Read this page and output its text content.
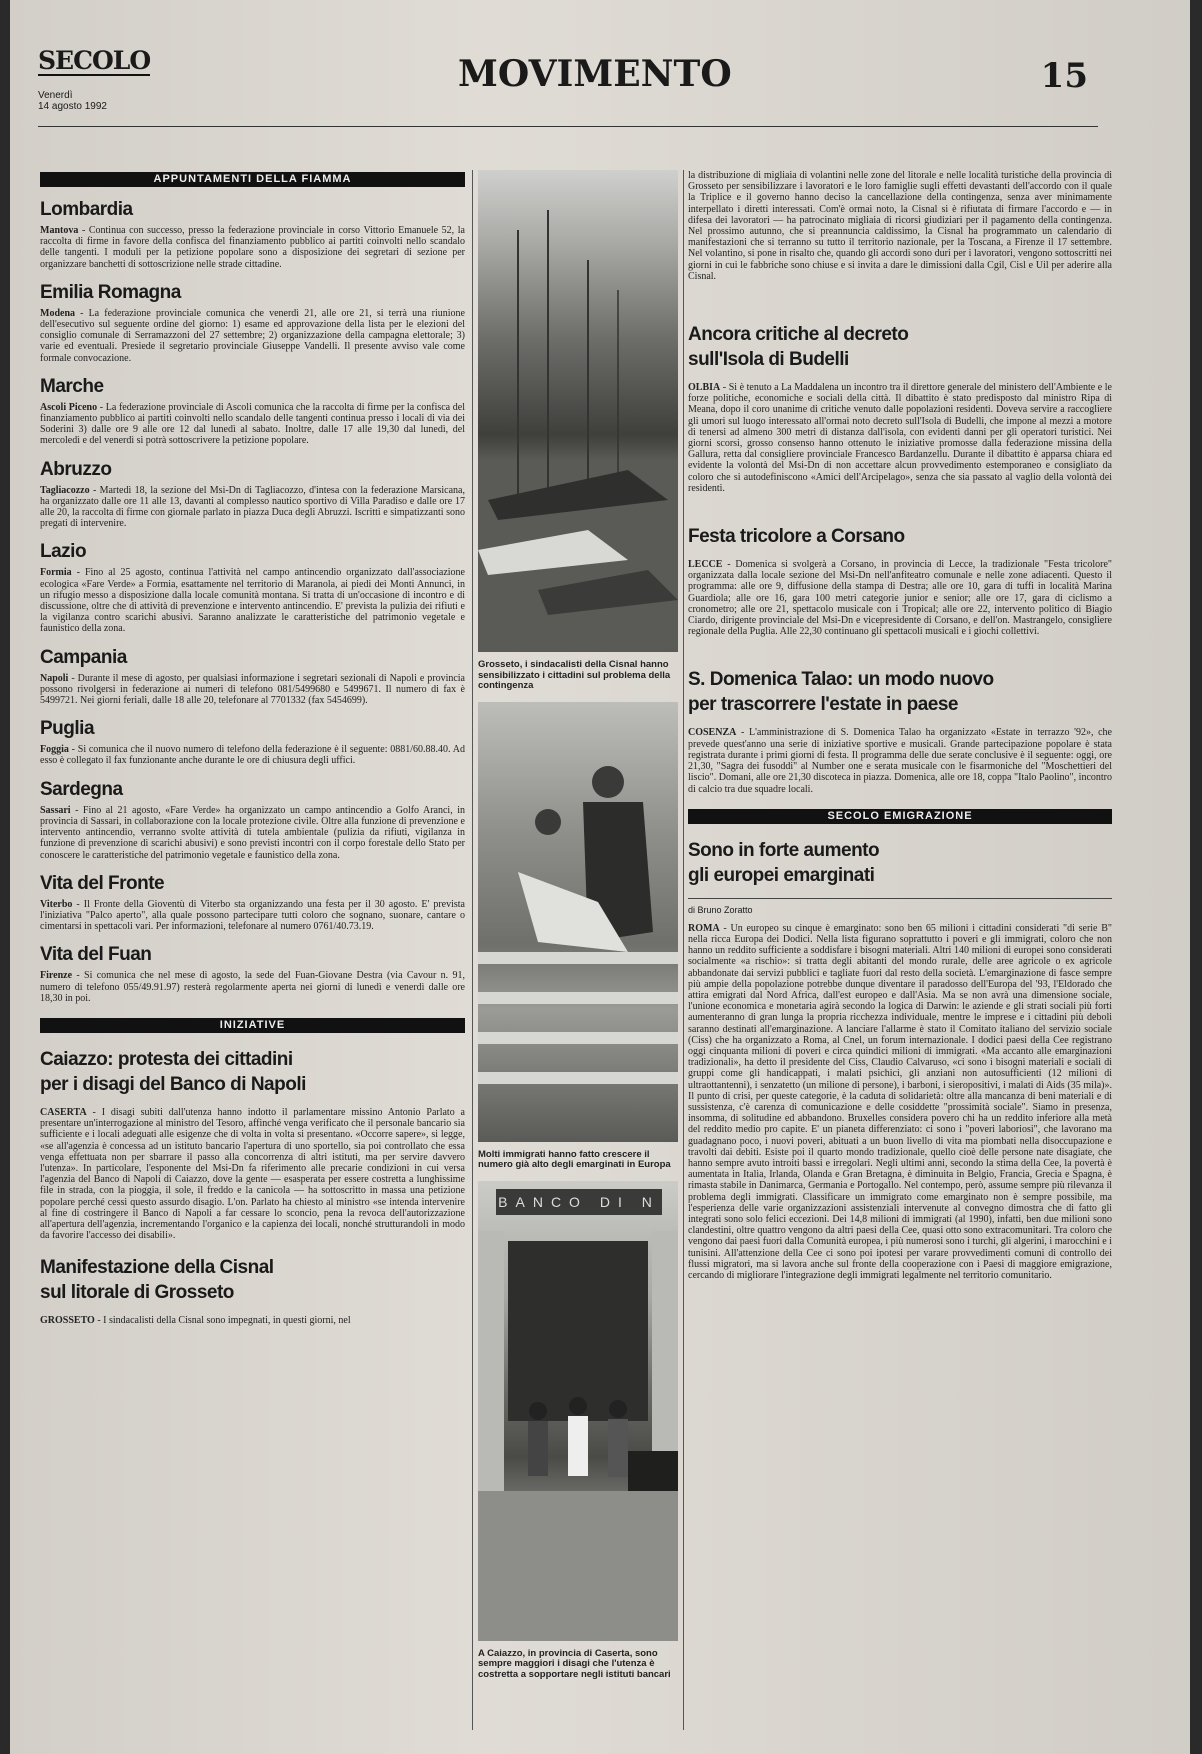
SECOLO
Venerdì
14 agosto 1992
MOVIMENTO	15
APPUNTAMENTI DELLA FIAMMA
Lombardia
Mantova - Continua con successo, presso la federazione provinciale in corso Vittorio Emanuele 52, la raccolta di firme in favore della confisca del finanziamento pubblico ai partiti coinvolti nello scandalo delle tangenti. I moduli per la petizione popolare sono a disposizione dei segretari di sezione per organizzare banchetti di sottoscrizione nelle strade cittadine.
Emilia Romagna
Modena - La federazione provinciale comunica che venerdì 21, alle ore 21, si terrà una riunione dell'esecutivo sul seguente ordine del giorno: 1) esame ed approvazione della lista per le elezioni del consiglio comunale di Serramazzoni del 27 settembre; 2) organizzazione della campagna elettorale; 3) varie ed eventuali. Presiede il segretario provinciale Giuseppe Vandelli. Il presente avviso vale come formale convocazione.
Marche
Ascoli Piceno - La federazione provinciale di Ascoli comunica che la raccolta di firme per la confisca del finanziamento pubblico ai partiti coinvolti nello scandalo delle tangenti continua presso i locali di via dei Soderini 3) dalle ore 9 alle ore 12 dal lunedì al sabato. Inoltre, dalle 17 alle 19,30 dal lunedì, del mercoledì e del venerdì si potrà sottoscrivere la petizione popolare.
Abruzzo
Tagliacozzo - Martedì 18, la sezione del Msi-Dn di Tagliacozzo, d'intesa con la federazione Marsicana, ha organizzato dalle ore 11 alle 13, davanti al complesso nautico sportivo di Villa Paradiso e dalle ore 17 alle 20, la raccolta di firme con giornale parlato in piazza Duca degli Abruzzi. Iscritti e simpatizzanti sono pregati di intervenire.
Lazio
Formia - Fino al 25 agosto, continua l'attività nel campo antincendio organizzato dall'associazione ecologica «Fare Verde» a Formia, esattamente nel territorio di Maranola, ai piedi dei Monti Annunci, in un rifugio messo a disposizione dalla locale comunità montana. Si tratta di un'occasione di incontro e di discussione, oltre che di attività di prevenzione e intervento antincendio. E' prevista la pulizia dei rifiuti e la vigilanza contro scarichi abusivi. Saranno analizzate le caratteristiche del patrimonio vegetale e faunistico della zona.
Campania
Napoli - Durante il mese di agosto, per qualsiasi informazione i segretari sezionali di Napoli e provincia possono rivolgersi in federazione ai numeri di telefono 081/5499680 e 5499671. Il numero di fax è 5499721. Nei giorni feriali, dalle 18 alle 20, telefonare al 7701332 (fax 5454699).
Puglia
Foggia - Si comunica che il nuovo numero di telefono della federazione è il seguente: 0881/60.88.40. Ad esso è collegato il fax funzionante anche durante le ore di chiusura degli uffici.
Sardegna
Sassari - Fino al 21 agosto, «Fare Verde» ha organizzato un campo antincendio a Golfo Aranci, in provincia di Sassari, in collaborazione con la locale protezione civile. Oltre alla funzione di prevenzione e intervento antincendio, verranno svolte attività di tutela ambientale (pulizia da rifiuti, vigilanza in funzione di prevenzione di scarichi abusivi) e sono previsti incontri con il corpo forestale dello Stato per conoscere le caratteristiche del patrimonio vegetale e faunistico della zona.
Vita del Fronte
Viterbo - Il Fronte della Gioventù di Viterbo sta organizzando una festa per il 30 agosto. E' prevista l'iniziativa "Palco aperto", alla quale possono partecipare tutti coloro che sognano, suonare, cantare o cimentarsi in spettacoli vari. Per informazioni, telefonare al numero 0761/40.73.19.
Vita del Fuan
Firenze - Si comunica che nel mese di agosto, la sede del Fuan-Giovane Destra (via Cavour n. 91, numero di telefono 055/49.91.97) resterà regolarmente aperta nei giorni di lunedì e venerdì dalle ore 18,30 in poi.
INIZIATIVE
Caiazzo: protesta dei cittadini
per i disagi del Banco di Napoli
CASERTA - I disagi subiti dall'utenza hanno indotto il parlamentare missino Antonio Parlato a presentare un'interrogazione al ministro del Tesoro, affinché venga verificato che il personale bancario sia sufficiente e i locali adeguati alle esigenze che di volta in volta si presentano. «Occorre sapere», si legge, «se all'agenzia è concessa ad un istituto bancario l'apertura di uno sportello, sia poi controllato che essa venga effettuata non per sbarrare il passo alla concorrenza di altri istituti, ma per servire davvero l'utenza». In particolare, l'esponente del Msi-Dn fa riferimento alle precarie condizioni in cui versa l'agenzia del Banco di Napoli di Caiazzo, dove la gente — esasperata per essere costretta a lunghissime file in strada, con la pioggia, il sole, il freddo e la canicola — ha sottoscritto in massa una petizione popolare perché cessi questo assurdo disagio. L'on. Parlato ha chiesto al ministro «se intenda intervenire al fine di costringere il Banco di Napoli a far cessare lo sconcio, pena la revoca dell'autorizzazione all'apertura dell'agenzia, incrementando l'organico e la capienza dei locali, nonché strutturandoli in modo da favorire l'accesso dei disabili».
Manifestazione della Cisnal
sul litorale di Grosseto
GROSSETO - I sindacalisti della Cisnal sono impegnati, in questi giorni, nel
Grosseto, i sindacalisti della Cisnal hanno sensibilizzato i cittadini sul problema della contingenza
Molti immigrati hanno fatto crescere il numero già alto degli emarginati in Europa
BANCO DI N
A Caiazzo, in provincia di Caserta, sono sempre maggiori i disagi che l'utenza è costretta a sopportare negli istituti bancari
la distribuzione di migliaia di volantini nelle zone del litorale e nelle località turistiche della provincia di Grosseto per sensibilizzare i lavoratori e le loro famiglie sugli effetti devastanti dell'accordo con il quale la Triplice e il governo hanno deciso la cancellazione della contingenza, senza aver minimamente interpellato i diretti interessati. Com'è ormai noto, la Cisnal si è rifiutata di firmare l'accordo e — in difesa dei lavoratori — ha patrocinato migliaia di ricorsi giudiziari per il pagamento della contingenza. Nel prossimo autunno, che si preannuncia caldissimo, la Cisnal ha programmato un calendario di manifestazioni che si terranno su tutto il territorio nazionale, per la Toscana, a Firenze il 17 settembre. Nel volantino, si pone in risalto che, quando gli accordi sono duri per i lavoratori, vengono sottoscritti nei giorni in cui le fabbriche sono chiuse e si invita a dare le dimissioni dalla Cgil, Cisl e Uil per aderire alla Cisnal.
Ancora critiche al decreto
sull'Isola di Budelli
OLBIA - Si è tenuto a La Maddalena un incontro tra il direttore generale del ministero dell'Ambiente e le forze politiche, economiche e sociali della città. Il dibattito è stato predisposto dal ministro Ripa di Meana, dopo il coro unanime di critiche venuto dalle popolazioni residenti. Doveva servire a raccogliere gli umori sul luogo interessato all'ormai noto decreto sull'Isola di Budelli, che impone al mezzi a motore di tenersi ad almeno 300 metri di distanza dall'isola, con evidenti danni per gli operatori turistici. Nei giorni scorsi, grosso consenso hanno ottenuto le iniziative promosse dalla federazione missina della Gallura, retta dal consigliere provinciale Francesco Bardanzellu. Durante il dibattito è apparsa chiara ed evidente la volontà del Msi-Dn di non accettare alcun provvedimento estemporaneo e consigliato da coloro che si autodefiniscono «Amici dell'Arcipelago», senza che sia passato al vaglio della volontà dei residenti.
Festa tricolore a Corsano
LECCE - Domenica si svolgerà a Corsano, in provincia di Lecce, la tradizionale "Festa tricolore" organizzata dalla locale sezione del Msi-Dn nell'anfiteatro comunale e nelle zone adiacenti. Questo il programma: alle ore 9, diffusione della stampa di Destra; alle ore 10, gara di tuffi in località Marina Guardiola; alle ore 16, gara 100 metri categorie junior e senior; alle ore 17, gara di ciclismo a cronometro; alle ore 21, spettacolo musicale con i Tropical; alle ore 22, intervento politico di Biagio Ciardo, dirigente provinciale del Msi-Dn e vicepresidente di Corsano, e dell'on. Mastrangelo, consigliere regionale della Puglia. Alle 22,30 continuano gli spettacoli musicali e i giochi collettivi.
S. Domenica Talao: un modo nuovo
per trascorrere l'estate in paese
COSENZA - L'amministrazione di S. Domenica Talao ha organizzato «Estate in terrazzo '92», che prevede quest'anno una serie di iniziative sportive e musicali. Grande partecipazione popolare è stata registrata durante i primi giorni di festa. Il programma delle due serate conclusive è il seguente: oggi, ore 21,30, "Sagra dei fusoddi" al Number one e serata musicale con le fisarmoniche del "Moschettieri del liscio". Domani, alle ore 21,30 discoteca in piazza. Domenica, alle ore 18, coppa "Italo Paolino", incontro di calcio tra due squadre locali.
SECOLO EMIGRAZIONE
Sono in forte aumento
gli europei emarginati
di Bruno Zoratto
ROMA - Un europeo su cinque è emarginato: sono ben 65 milioni i cittadini considerati "di serie B" nella ricca Europa dei Dodici. Nella lista figurano soprattutto i poveri e gli immigrati, coloro che non hanno un reddito sufficiente a soddisfare i bisogni materiali. Altri 140 milioni di europei sono considerati socialmente «a rischio»: si tratta degli abitanti del mondo rurale, delle aree agricole o ex agricole abbandonate dai servizi pubblici e tagliate fuori dal resto della società. L'emarginazione di fasce sempre più ampie della popolazione potrebbe dunque diventare il paradosso dell'Europa del '93, l'Eldorado che attira emigrati dal Nord Africa, dall'est europeo e dall'Asia. Ma se non avrà una dimensione sociale, l'unione economica e monetaria agirà secondo la logica di Darwin: le aziende e gli strati sociali più forti aumenteranno di gran lunga la propria ricchezza individuale, mentre le imprese e i cittadini più deboli saranno destinati all'emarginazione. A lanciare l'allarme è stato il Comitato italiano del servizio sociale (Ciss) che ha organizzato a Roma, al Cnel, un forum internazionale. I dodici paesi della Cee registrano oggi cinquanta milioni di poveri e circa quindici milioni di immigrati. «Ma accanto alle emarginazioni tradizionali», ha detto il presidente del Ciss, Claudio Calvaruso, «ci sono i bisogni materiali e sociali di gruppi come gli handicappati, i malati psichici, gli anziani non autosufficienti (12 milioni di ultraottantenni), i senzatetto (un milione di persone), i barboni, i sieropositivi, i malati di Aids (35 mila)». Il punto di crisi, per queste categorie, è la caduta di solidarietà: oltre alla mancanza di beni materiali e di sussistenza, c'è carenza di comunicazione e delle cosiddette "prossimità sociale". Siamo in presenza, insomma, di solitudine ed abbandono. Bruxelles considera povero chi ha un reddito inferiore alla metà del reddito medio pro capite. E' un pianeta differenziato: ci sono i "poveri laboriosi", che lavorano ma guadagnano poco, i nuovi poveri, abituati a un buon livello di vita ma piombati nella disoccupazione e travolti dai debiti. Esiste poi il quarto mondo tradizionale, quello cioè delle persone nate disagiate, che hanno sempre avuto introiti bassi e irregolari. Negli ultimi anni, secondo la stima della Cee, la povertà è aumentata in Italia, Irlanda, Olanda e Gran Bretagna, è diminuita in Belgio, Francia, Grecia e Spagna, è rimasta stabile in Danimarca, Germania e Portogallo. Nel contempo, però, assume sempre più rilevanza il problema degli immigrati. Classificare un immigrato come emarginato non è sempre possibile, ma l'esperienza delle varie organizzazioni assistenziali intervenute al convegno dimostra che di fatto gli integrati sono solo felici eccezioni. Dei 14,8 milioni di immigrati (al 1990), infatti, ben due milioni sono clandestini, oltre quattro vengono da altri paesi della Cee, quasi otto sono extracomunitari. Tra coloro che vengono dai paesi fuori dalla Comunità europea, i più numerosi sono i turchi, gli algerini, i marocchini e i tunisini. All'attenzione della Cee ci sono poi ipotesi per varare provvedimenti comuni di controllo dei flussi migratori, ma si lavora anche sul fronte della cooperazione con i Paesi di maggiore emigrazione, cercando di migliorare l'integrazione degli immigrati legalmente nel territorio comunitario.
